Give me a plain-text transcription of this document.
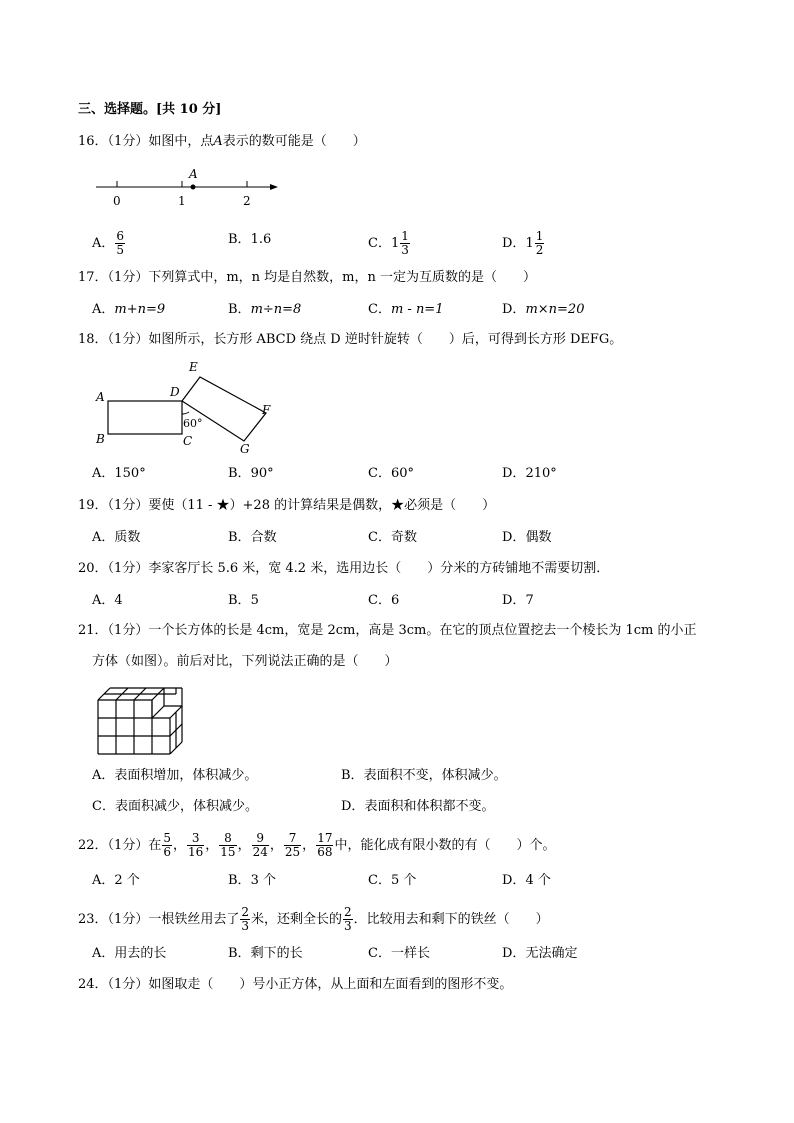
三、选择题。[共 10 分]
16．（1分）如图中，点A表示的数可能是（　　）
A
0	1	2
A． $\frac{6}{5}$	B．1.6	C．$1 \frac{1}{3}$	D．$1 \frac{1}{2}$
17．（1分）下列算式中，m，n 均是自然数，m，n 一定为互质数的是（　　）
A．m+n=9	B．m÷n=8	C．m - n=1	D．m×n=20
18．（1分）如图所示，长方形 ABCD 绕点 D 逆时针旋转（　　）后，可得到长方形 DEFG。
60°
A
B	C
D
E
F
G
A．150°	B．90°	C．60°	D．210°
19．（1分）要使（11 - ★）+28 的计算结果是偶数，★必须是（　　）
A．质数	B．合数	C．奇数	D．偶数
20．（1分）李家客厅长 5.6 米，宽 4.2 米，选用边长（　　）分米的方砖铺地不需要切割．
A．4	B．5	C．6	D．7
21．（1分）一个长方体的长是 4cm，宽是 2cm，高是 3cm。在它的顶点位置挖去一个棱长为 1cm 的小正
方体（如图）。前后对比，下列说法正确的是（　　）
A．表面积增加，体积减少。	B．表面积不变，体积减少。
C．表面积减少，体积减少。	D．表面积和体积都不变。
22．（1分）在 $\frac{5}{6}$ ， $\frac{3}{16}$ ， $\frac{8}{15}$ ， $\frac{9}{24}$ ， $\frac{7}{25}$ ， $\frac{17}{68}$ 中，能化成有限小数的有（　　）个。
A．2 个	B．3 个	C．5 个	D．4 个
23．（1分）一根铁丝用去了 $\frac{2}{3}$ 米，还剩全长的 $\frac{2}{3}$ ．比较用去和剩下的铁丝（　　）
A．用去的长	B．剩下的长	C．一样长	D．无法确定
24．（1分）如图取走（　　）号小正方体，从上面和左面看到的图形不变。
